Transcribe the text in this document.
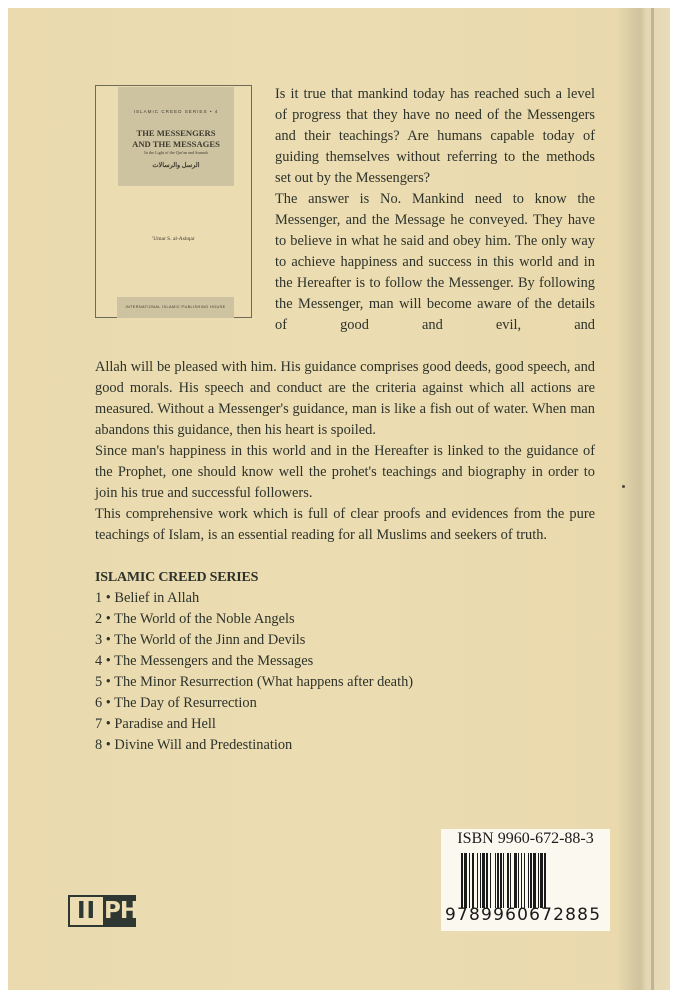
ISLAMIC CREED SERIES • 4
THE MESSENGERS
AND THE MESSAGES
In the Light of the Qur'an and Sunnah
الرسل والرسالات
'Umar S. al-Ashqar
INTERNATIONAL ISLAMIC PUBLISHING HOUSE

Is it true that mankind today has reached such a level of progress that they have no need of the Messengers and their teachings? Are humans capable today of guiding themselves without referring to the methods set out by the Messengers?

The answer is No. Mankind need to know the Messenger, and the Message he conveyed. They have to believe in what he said and obey him. The only way to achieve happiness and success in this world and in the Hereafter is to follow the Messenger. By following the Messenger, man will become aware of the details of good and evil, and

Allah will be pleased with him. His guidance comprises good deeds, good speech, and good morals. His speech and conduct are the criteria against which all actions are measured. Without a Messenger's guidance, man is like a fish out of water. When man abandons this guidance, then his heart is spoiled.

Since man's happiness in this world and in the Hereafter is linked to the guidance of the Prophet, one should know well the prohet's teachings and biography in order to join his true and successful followers.

This comprehensive work which is full of clear proofs and evidences from the pure teachings of Islam, is an essential reading for all Muslims and seekers of truth.

ISLAMIC CREED SERIES

1 • Belief in Allah
2 • The World of the Noble Angels
3 • The World of the Jinn and Devils
4 • The Messengers and the Messages
5 • The Minor Resurrection (What happens after death)
6 • The Day of Resurrection
7 • Paradise and Hell
8 • Divine Will and Predestination
ISBN 9960-672-88-3
9789960672885
II PH
